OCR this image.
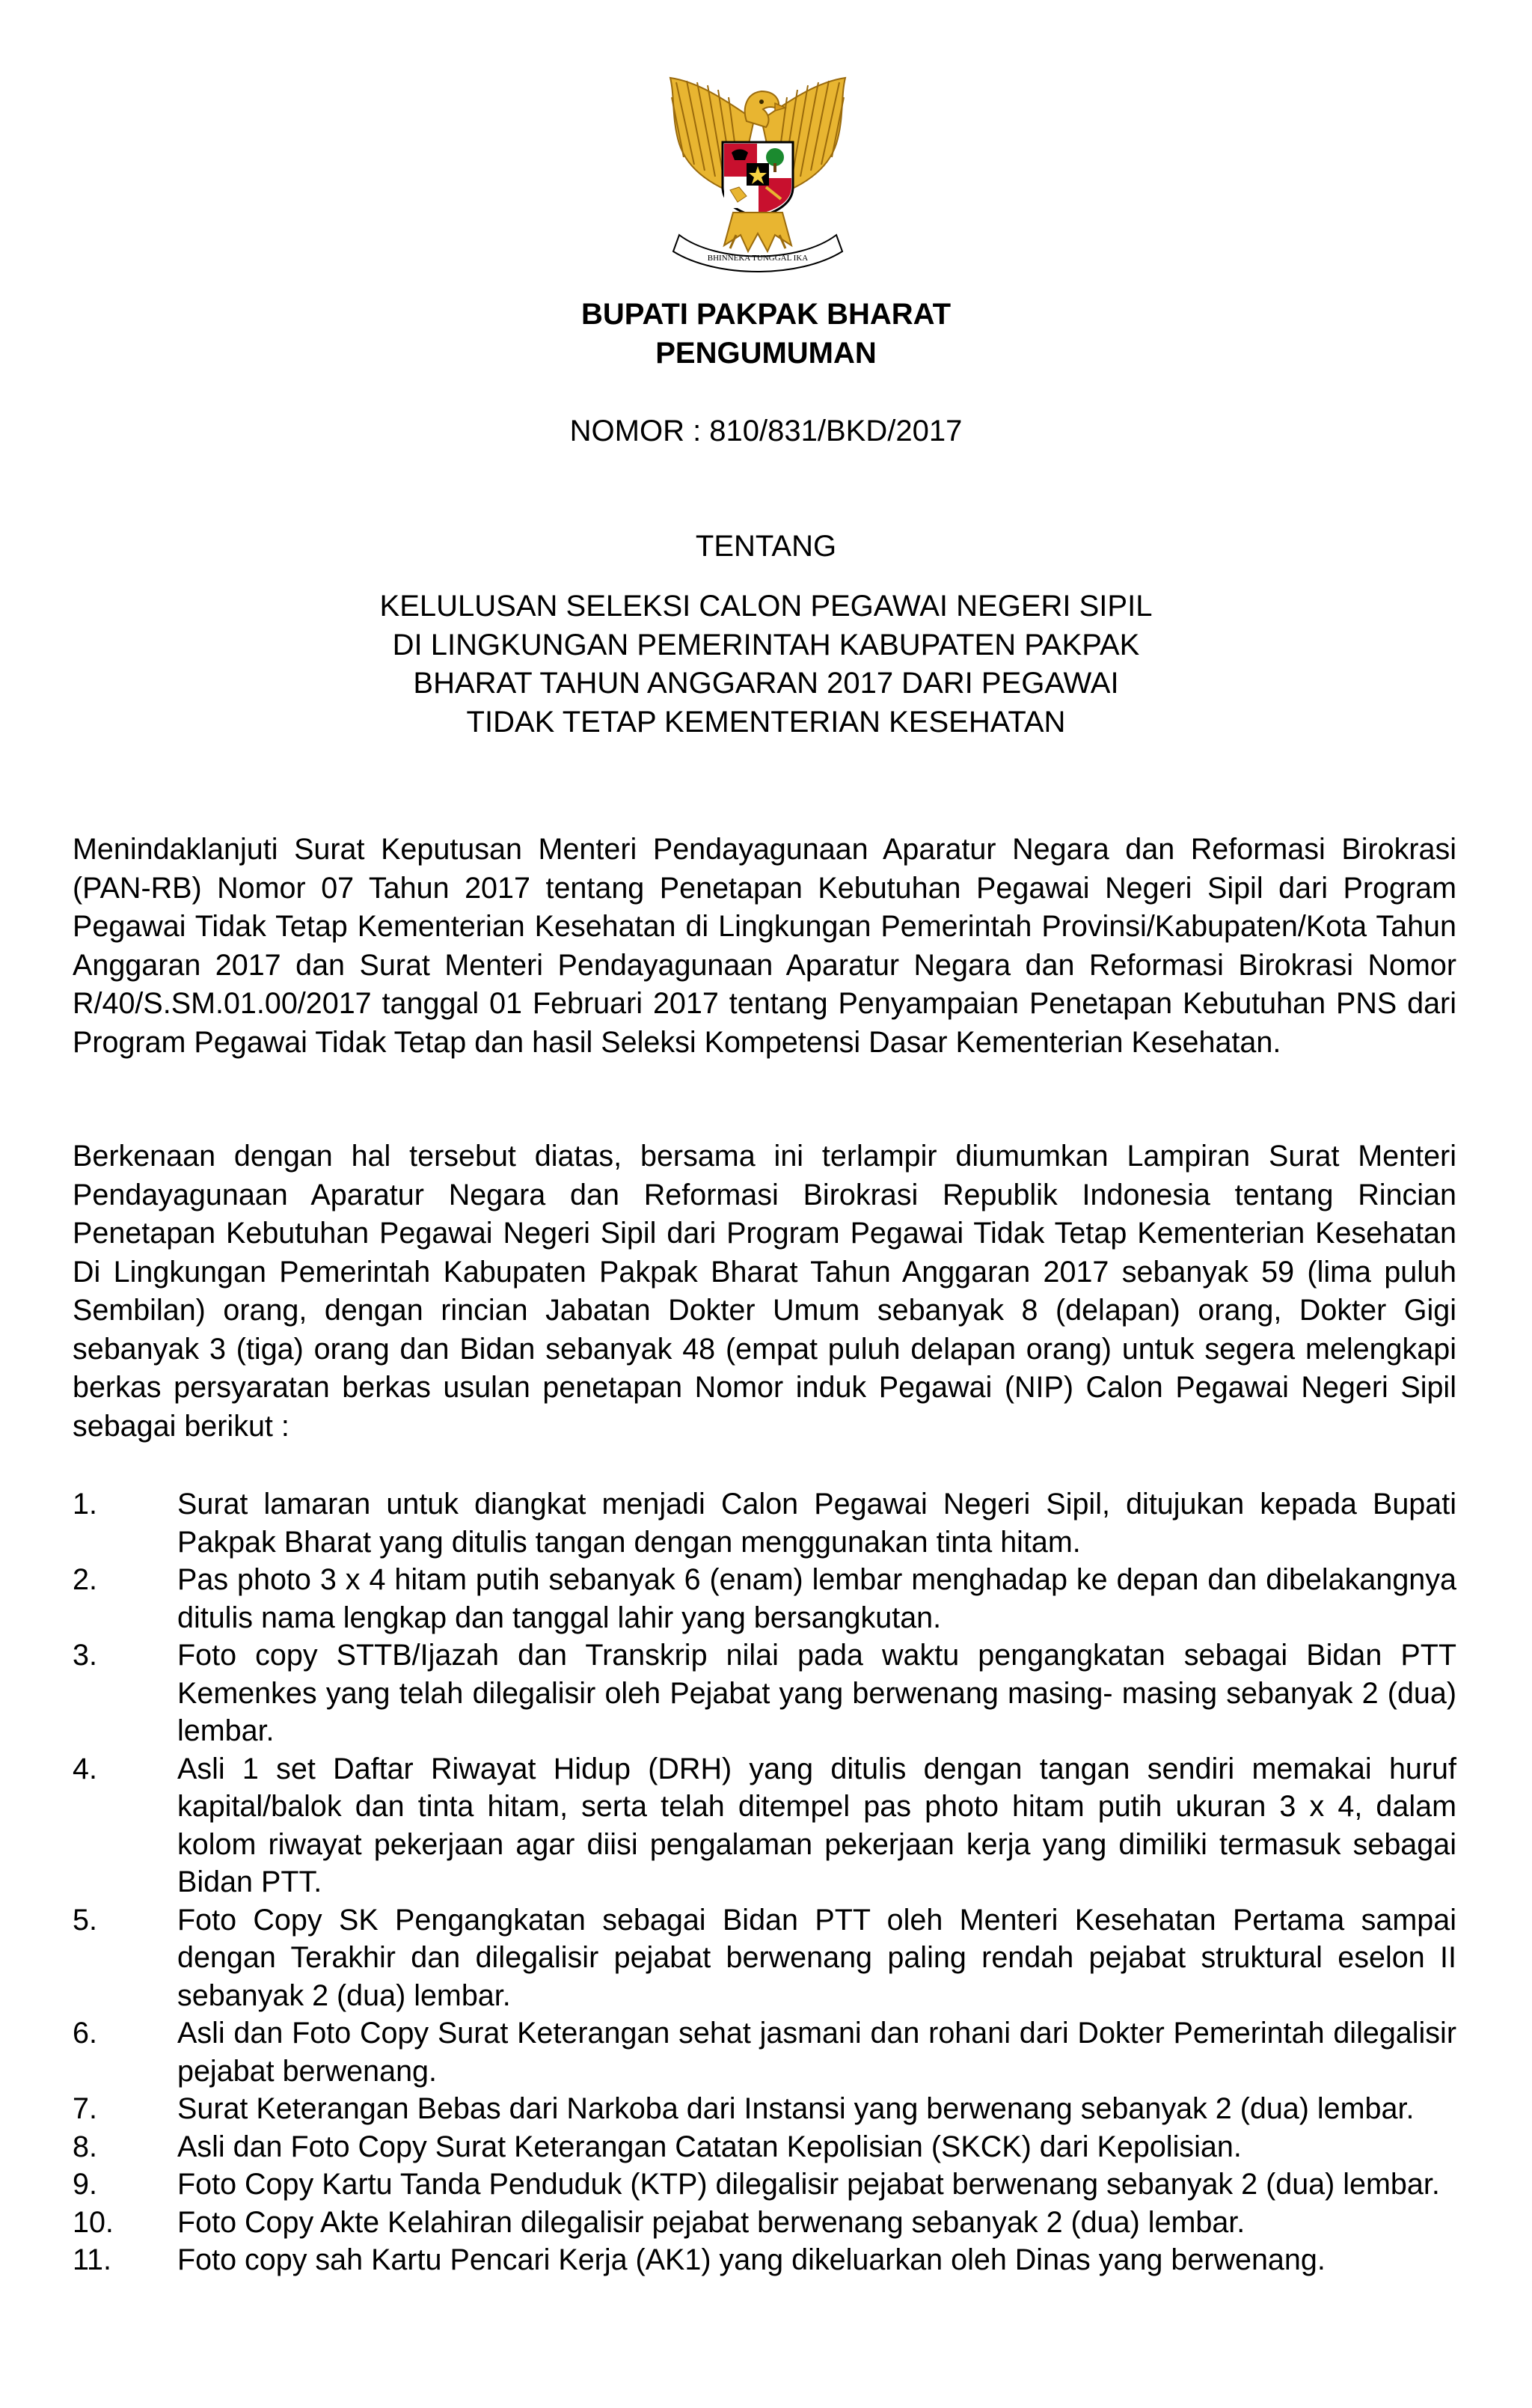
BHINNEKA TUNGGAL IKA
BUPATI PAKPAK BHARAT
PENGUMUMAN
NOMOR : 810/831/BKD/2017
TENTANG
KELULUSAN SELEKSI CALON PEGAWAI NEGERI SIPIL
DI LINGKUNGAN PEMERINTAH KABUPATEN PAKPAK
BHARAT TAHUN ANGGARAN 2017 DARI PEGAWAI
TIDAK TETAP KEMENTERIAN KESEHATAN
Menindaklanjuti Surat Keputusan Menteri Pendayagunaan Aparatur Negara dan Reformasi Birokrasi (PAN-RB) Nomor 07 Tahun 2017 tentang Penetapan Kebutuhan Pegawai Negeri Sipil dari Program Pegawai Tidak Tetap Kementerian Kesehatan di Lingkungan Pemerintah Provinsi/Kabupaten/Kota Tahun Anggaran 2017 dan Surat Menteri Pendayagunaan Aparatur Negara dan Reformasi Birokrasi Nomor R/40/S.SM.01.00/2017 tanggal 01 Februari 2017 tentang Penyampaian Penetapan Kebutuhan PNS dari Program Pegawai Tidak Tetap dan hasil Seleksi Kompetensi Dasar Kementerian Kesehatan.
Berkenaan dengan hal tersebut diatas, bersama ini terlampir diumumkan Lampiran Surat Menteri Pendayagunaan Aparatur Negara dan Reformasi Birokrasi Republik Indonesia tentang Rincian Penetapan Kebutuhan Pegawai Negeri Sipil dari Program Pegawai Tidak Tetap Kementerian Kesehatan Di Lingkungan Pemerintah Kabupaten Pakpak Bharat Tahun Anggaran 2017 sebanyak 59 (lima puluh Sembilan) orang, dengan rincian Jabatan Dokter Umum sebanyak 8 (delapan) orang, Dokter Gigi sebanyak 3 (tiga) orang dan Bidan sebanyak 48 (empat puluh delapan orang) untuk segera melengkapi berkas persyaratan berkas usulan penetapan Nomor induk Pegawai (NIP) Calon Pegawai Negeri Sipil sebagai berikut :
1.	Surat lamaran untuk diangkat menjadi Calon Pegawai Negeri Sipil, ditujukan kepada Bupati Pakpak Bharat yang ditulis tangan dengan menggunakan tinta hitam.
2.	Pas photo 3 x 4 hitam putih sebanyak 6 (enam) lembar menghadap ke depan dan dibelakangnya ditulis nama lengkap dan tanggal lahir yang bersangkutan.
3.	Foto copy STTB/Ijazah dan Transkrip nilai pada waktu pengangkatan sebagai Bidan PTT Kemenkes yang telah dilegalisir oleh Pejabat yang berwenang masing- masing sebanyak 2 (dua) lembar.
4.	Asli 1 set Daftar Riwayat Hidup (DRH) yang ditulis dengan tangan sendiri memakai huruf kapital/balok dan tinta hitam, serta telah ditempel pas photo hitam putih ukuran 3 x 4, dalam kolom riwayat pekerjaan agar diisi pengalaman pekerjaan kerja yang dimiliki termasuk sebagai Bidan PTT.
5.	Foto Copy SK Pengangkatan sebagai Bidan PTT oleh Menteri Kesehatan Pertama sampai dengan Terakhir dan dilegalisir pejabat berwenang paling rendah pejabat struktural eselon II sebanyak 2 (dua) lembar.
6.	Asli dan Foto Copy Surat Keterangan sehat jasmani dan rohani dari Dokter Pemerintah dilegalisir pejabat berwenang.
7.	Surat Keterangan Bebas dari Narkoba dari Instansi yang berwenang sebanyak 2 (dua) lembar.
8.	Asli dan Foto Copy Surat Keterangan Catatan Kepolisian (SKCK) dari Kepolisian.
9.	Foto Copy Kartu Tanda Penduduk (KTP) dilegalisir pejabat berwenang sebanyak 2 (dua) lembar.
10.	Foto Copy Akte Kelahiran dilegalisir pejabat berwenang sebanyak 2 (dua) lembar.
11.	Foto copy sah Kartu Pencari Kerja (AK1) yang dikeluarkan oleh Dinas yang berwenang.
